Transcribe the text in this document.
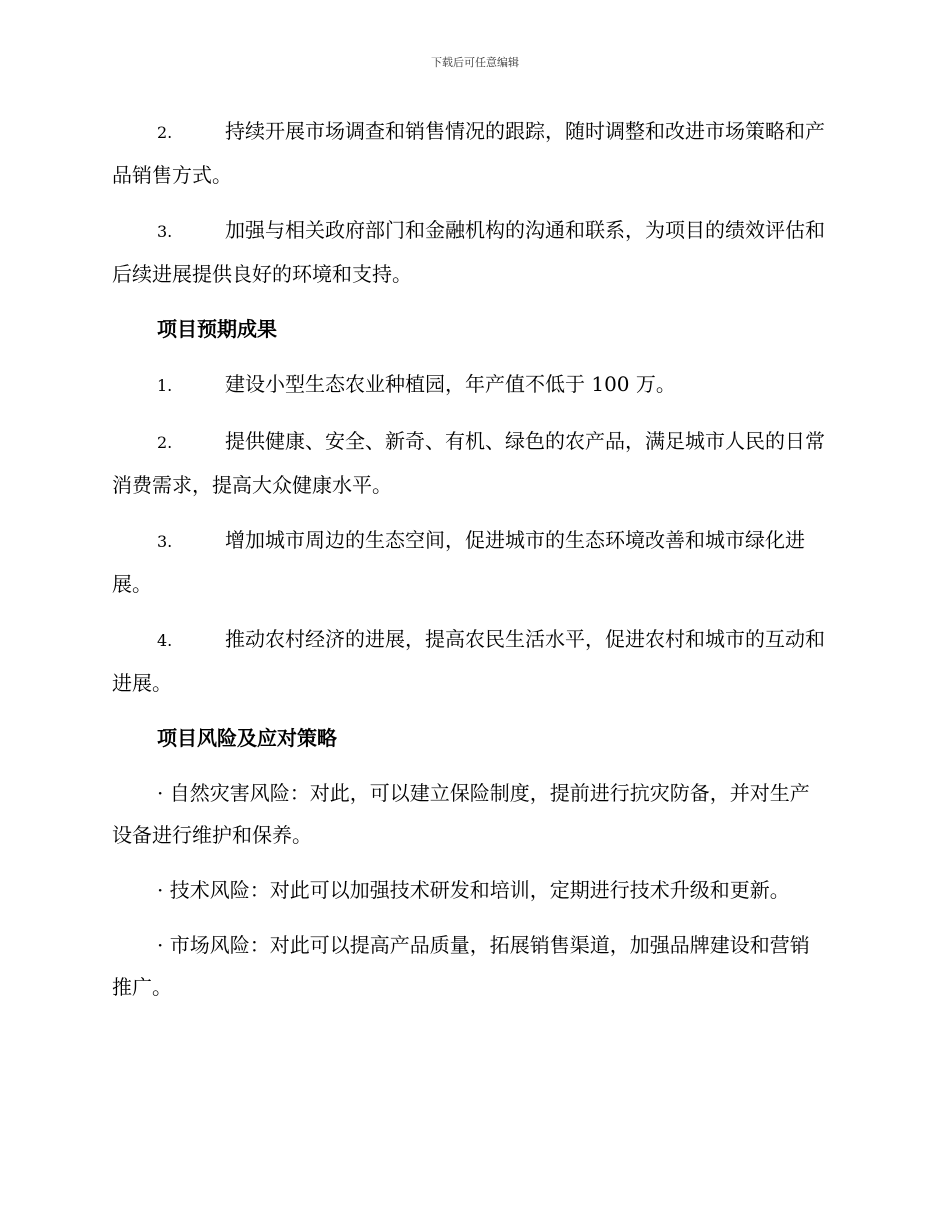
下载后可任意编辑

2.	持续开展市场调查和销售情况的跟踪，随时调整和改进市场策略和产品销售方式。

3.	加强与相关政府部门和金融机构的沟通和联系，为项目的绩效评估和后续进展提供良好的环境和支持。

项目预期成果

1.	建设小型生态农业种植园，年产值不低于 100 万。

2.	提供健康、安全、新奇、有机、绿色的农产品，满足城市人民的日常消费需求，提高大众健康水平。

3.	增加城市周边的生态空间，促进城市的生态环境改善和城市绿化进展。

4.	推动农村经济的进展，提高农民生活水平，促进农村和城市的互动和进展。

项目风险及应对策略

· 自然灾害风险：对此，可以建立保险制度，提前进行抗灾防备，并对生产设备进行维护和保养。

· 技术风险：对此可以加强技术研发和培训，定期进行技术升级和更新。

· 市场风险：对此可以提高产品质量，拓展销售渠道，加强品牌建设和营销推广。
